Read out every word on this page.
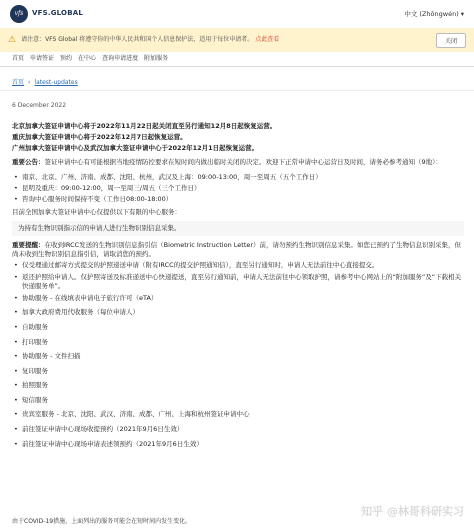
vfs	VFS.GLOBAL	中文 (Zhōngwén) ▾
⚠ 请注意：VFS Global 将遵守你的中华人民共和国个人信息保护法，适用于每位申请者。 点此查看	关闭
首页 申请签证 预约 在中心 查询申请进度 附加服务
首页 › latest-updates
6 December 2022
北京加拿大签证申请中心将于2022年11月22日起关闭直至另行通知12月8日起恢复运营。
重庆加拿大签证申请中心将于2022年12月7日起恢复运营。
广州加拿大签证申请中心及武汉加拿大签证申请中心于2022年12月1日起恢复运营。
重要公告：签证申请中心有可能根据当地疫情防控要求在短时间内做出临时关闭的决定。欢迎下正常申请中心运营日及时间，请务必参考通知（9地）：
• 南京、北京、广州、济南、成都、沈阳、杭州，武汉及上海：09:00-13:00，周一至周五（五个工作日）
• 昆明及重庆：09:00-12:00，周一至周三/周五（三个工作日）
• 咨询中心服务时间保持不变（工作日08:00-18:00）
目前全国加拿大签证申请中心仅提供以下有限的中心服务：
为持有生物识别指示信的申请人进行生物识别信息采集。
重要提醒：在收到IRCC发送的生物识别信息指引信（Biometric Instruction Letter）前，请勿预约生物识别信息采集。如您已预约了生物信息识别采集，但尚未收到生物识别信息指引信，请取消您的预约。
• 仅受理通过邮寄方式提交的护照递送申请（附有IRCC的提交护照通知信），直至另行通知时，申请人无法前往中心直接提交。
• 返还护照给申请人。仅护照寄送及标准递送中心快递提送，直至另行通知前，申请人无法前往中心领取护照，请参考中心网站上的“附加服务”及“下载相关快递服务单”。
• 协助服务 - 在线填表申请电子旅行许可（eTA）
• 加拿大政府费用代收服务（每位申请人）
• 自助服务
• 打印服务
• 协助服务 - 文件扫描
• 复印服务
• 拍照服务
• 短信服务
• 贵宾室服务 - 北京、沈阳、武汉、济南、成都、广州、上海和杭州签证申请中心
• 前往签证申请中心现场收提预约（2021年9月6日生效）
• 前往签证申请中心现场申请表述领预约（2021年9月6日生效）
由于COVID-19措施，上面列出的服务可能会在短时间内发生变化。
知乎 @林哥科研实习
